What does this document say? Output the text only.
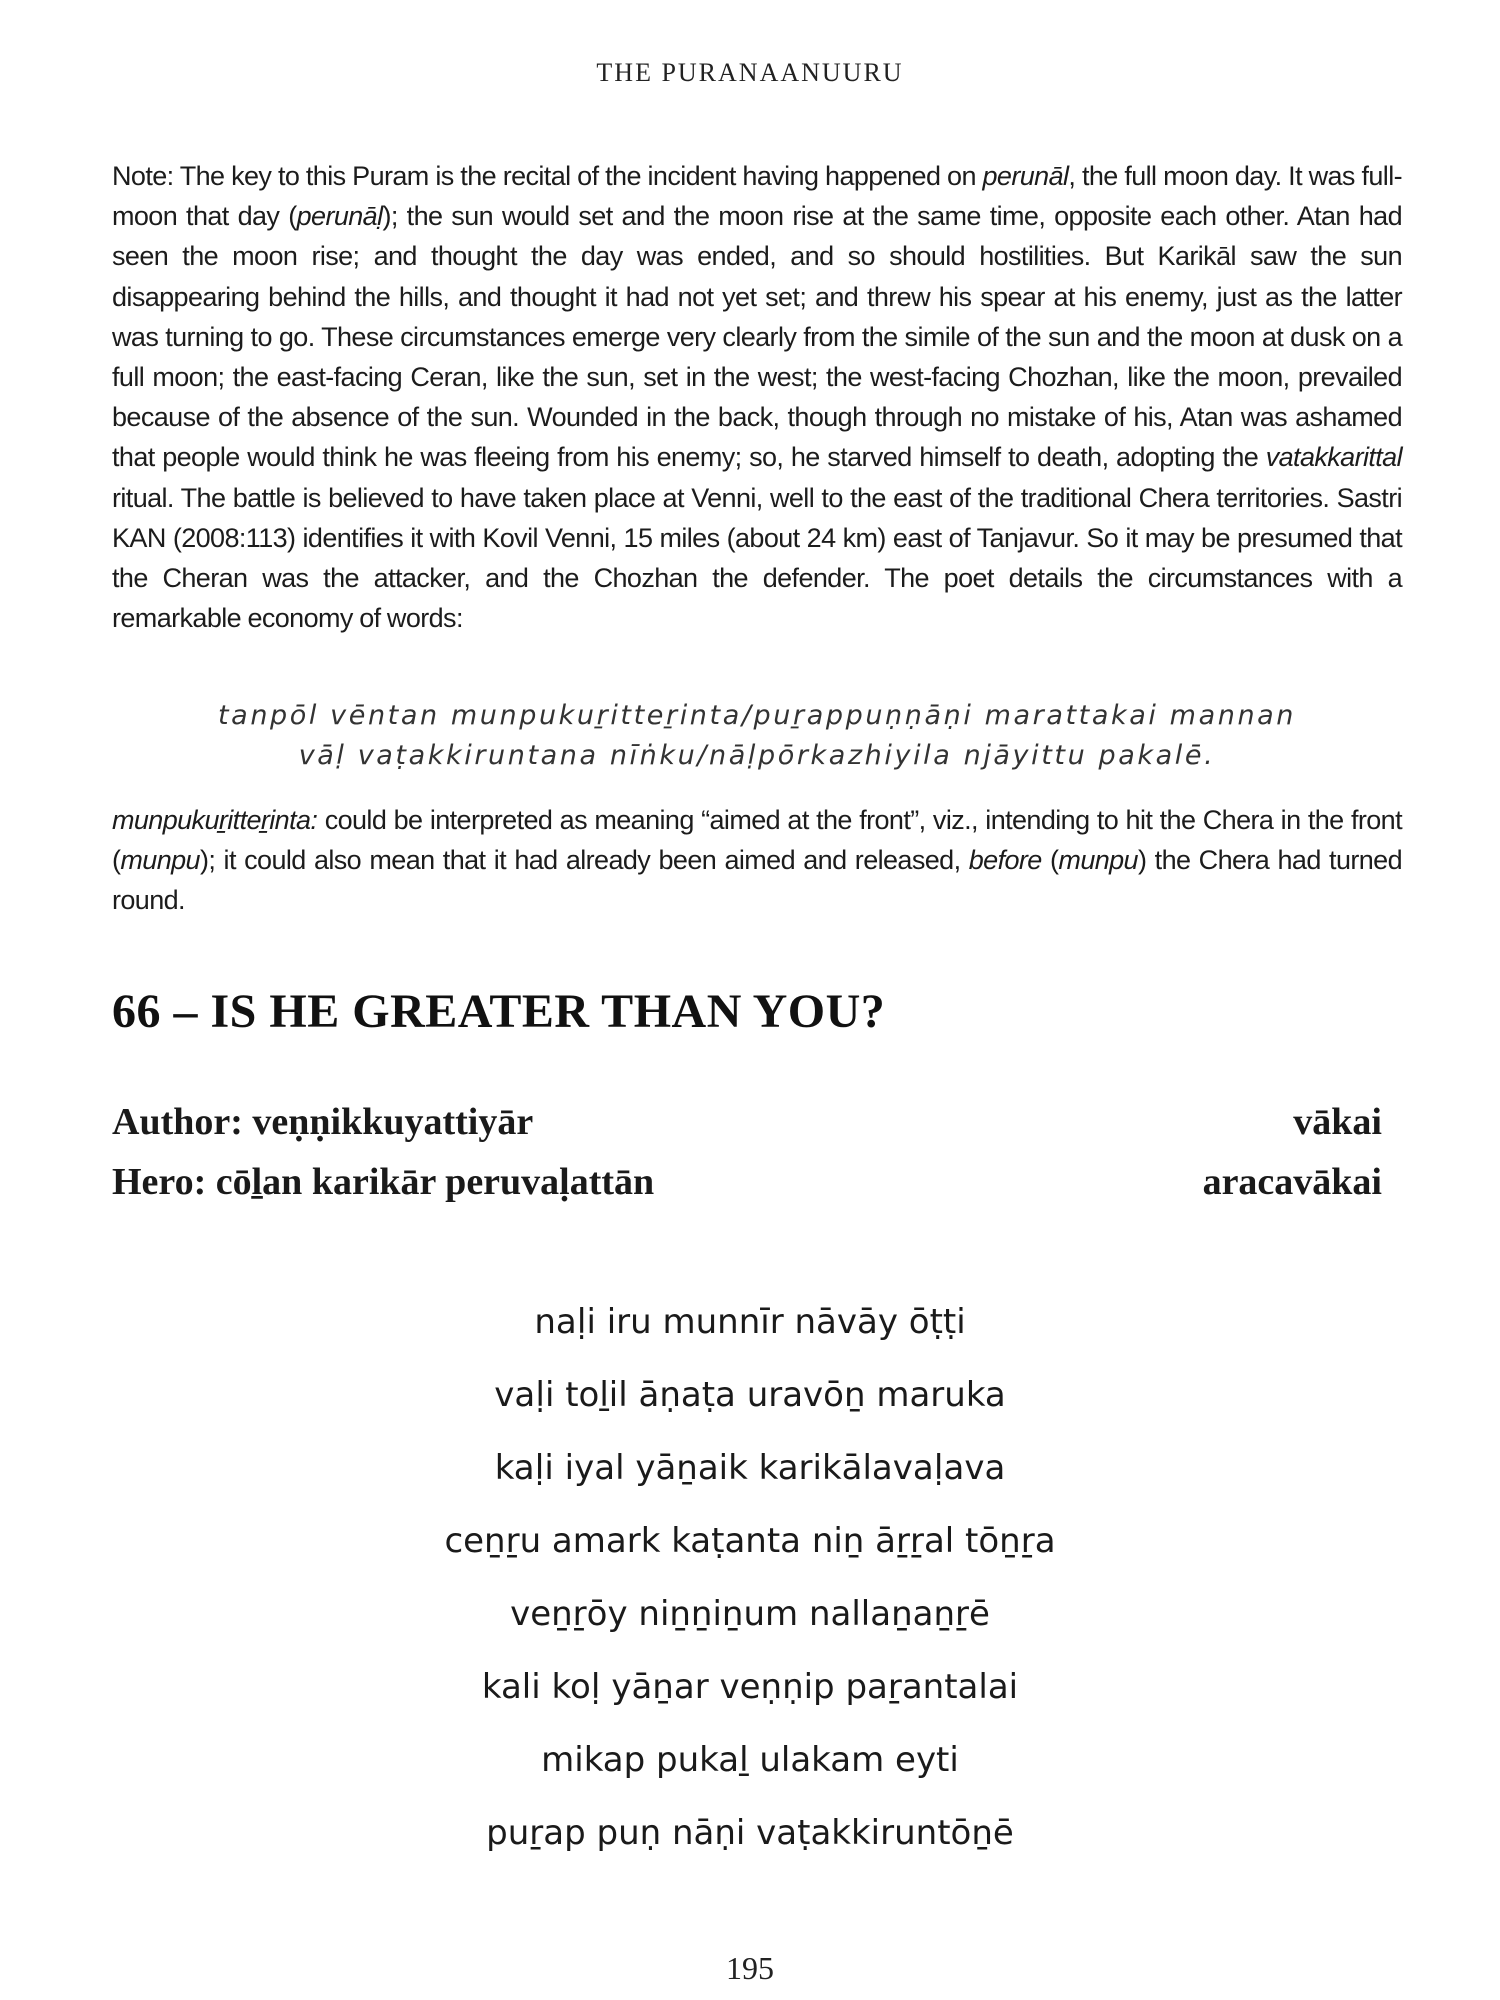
THE PURANAANUURU

Note: The key to this Puram is the recital of the incident having happened on perunāl, the full moon day. It was full-moon that day (perunāḷ); the sun would set and the moon rise at the same time, opposite each other. Atan had seen the moon rise; and thought the day was ended, and so should hostilities. But Karikāl saw the sun disappearing behind the hills, and thought it had not yet set; and threw his spear at his enemy, just as the latter was turning to go. These circumstances emerge very clearly from the simile of the sun and the moon at dusk on a full moon; the east-facing Ceran, like the sun, set in the west; the west-facing Chozhan, like the moon, prevailed because of the absence of the sun. Wounded in the back, though through no mistake of his, Atan was ashamed that people would think he was fleeing from his enemy; so, he starved himself to death, adopting the vatakkarittal ritual. The battle is believed to have taken place at Venni, well to the east of the traditional Chera territories. Sastri KAN (2008:113) identifies it with Kovil Venni, 15 miles (about 24 km) east of Tanjavur. So it may be presumed that the Cheran was the attacker, and the Chozhan the defender. The poet details the circumstances with a remarkable economy of words:

tanpōl vēntan munpukuṟitteṟinta/puṟappuṇṇāṇi marattakai mannan
vāḷ vaṭakkiruntana nīṅku/nāḷpōrkazhiyila njāyittu pakalē.

munpukuṟitteṟinta: could be interpreted as meaning “aimed at the front”, viz., intending to hit the Chera in the front (munpu); it could also mean that it had already been aimed and released, before (munpu) the Chera had turned round.

66 – IS HE GREATER THAN YOU?
Author: veṇṇikkuyattiyār	vākai
Hero: cōḻan karikār peruvaḷattān	aracavākai
naḷi iru munnīr nāvāy ōṭṭi
vaḷi toḻil āṇaṭa uravōṉ maruka
kaḷi iyal yāṉaik karikālavaḷava
ceṉṟu amark kaṭanta niṉ āṟṟal tōṉṟa
veṉṟōy niṉṉiṉum nallaṉaṉṟē
kali koḷ yāṉar veṇṇip paṟantalai
mikap pukaḻ ulakam eyti
puṟap puṇ nāṇi vaṭakkiruntōṉē
195
